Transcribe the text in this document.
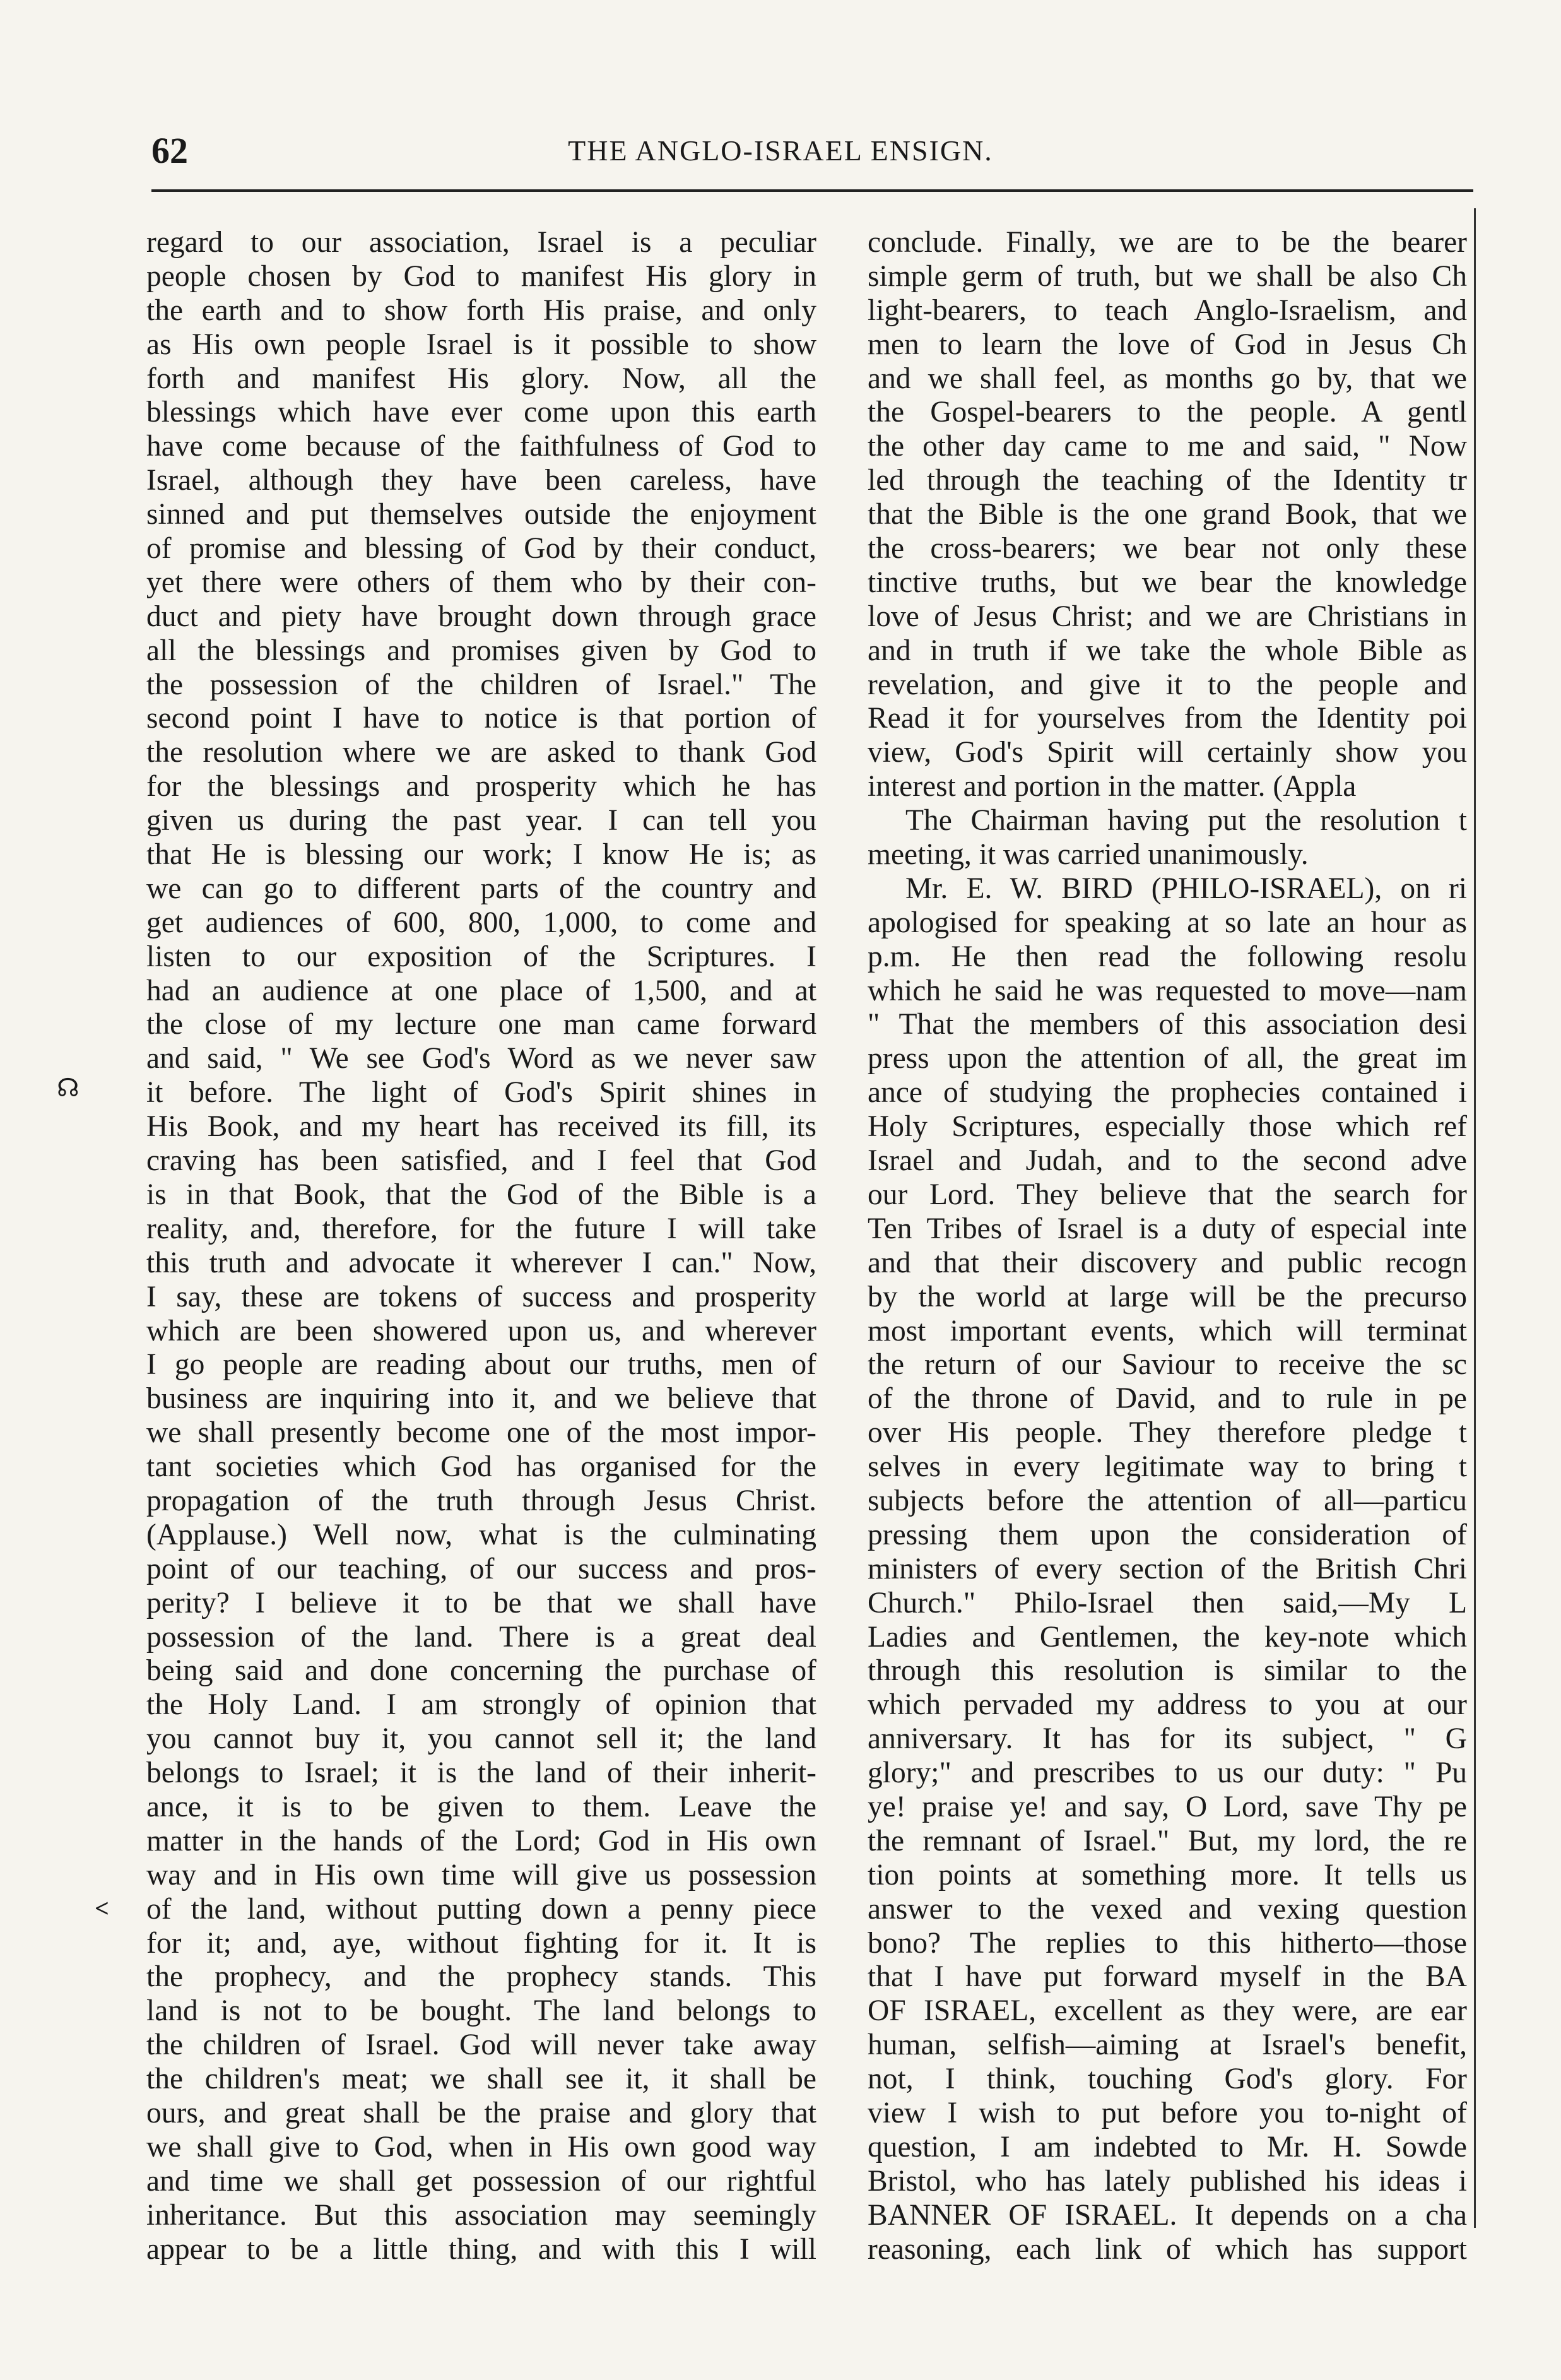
62	THE ANGLO-ISRAEL ENSIGN.
regard to our association, Israel is a peculiar
people chosen by God to manifest His glory in
the earth and to show forth His praise, and only
as His own people Israel is it possible to show
forth and manifest His glory. Now, all the
blessings which have ever come upon this earth
have come because of the faithfulness of God to
Israel, although they have been careless, have
sinned and put themselves outside the enjoyment
of promise and blessing of God by their conduct,
yet there were others of them who by their con-
duct and piety have brought down through grace
all the blessings and promises given by God to
the possession of the children of Israel." The
second point I have to notice is that portion of
the resolution where we are asked to thank God
for the blessings and prosperity which he has
given us during the past year. I can tell you
that He is blessing our work; I know He is; as
we can go to different parts of the country and
get audiences of 600, 800, 1,000, to come and
listen to our exposition of the Scriptures. I
had an audience at one place of 1,500, and at
the close of my lecture one man came forward
and said, " We see God's Word as we never saw
it before. The light of God's Spirit shines in
His Book, and my heart has received its fill, its
craving has been satisfied, and I feel that God
is in that Book, that the God of the Bible is a
reality, and, therefore, for the future I will take
this truth and advocate it wherever I can." Now,
I say, these are tokens of success and prosperity
which are been showered upon us, and wherever
I go people are reading about our truths, men of
business are inquiring into it, and we believe that
we shall presently become one of the most impor-
tant societies which God has organised for the
propagation of the truth through Jesus Christ.
(Applause.) Well now, what is the culminating
point of our teaching, of our success and pros-
perity? I believe it to be that we shall have
possession of the land. There is a great deal
being said and done concerning the purchase of
the Holy Land. I am strongly of opinion that
you cannot buy it, you cannot sell it; the land
belongs to Israel; it is the land of their inherit-
ance, it is to be given to them. Leave the
matter in the hands of the Lord; God in His own
way and in His own time will give us possession
of the land, without putting down a penny piece
for it; and, aye, without fighting for it. It is
the prophecy, and the prophecy stands. This
land is not to be bought. The land belongs to
the children of Israel. God will never take away
the children's meat; we shall see it, it shall be
ours, and great shall be the praise and glory that
we shall give to God, when in His own good way
and time we shall get possession of our rightful
inheritance. But this association may seemingly
appear to be a little thing, and with this I will
conclude. Finally, we are to be the bearer
simple germ of truth, but we shall be also Ch
light-bearers, to teach Anglo-Israelism, and
men to learn the love of God in Jesus Ch
and we shall feel, as months go by, that we
the Gospel-bearers to the people. A gentl
the other day came to me and said, " Now
led through the teaching of the Identity tr
that the Bible is the one grand Book, that we
the cross-bearers; we bear not only these
tinctive truths, but we bear the knowledge
love of Jesus Christ; and we are Christians in
and in truth if we take the whole Bible as
revelation, and give it to the people and
Read it for yourselves from the Identity poi
view, God's Spirit will certainly show you
interest and portion in the matter. (Appla
The Chairman having put the resolution t
meeting, it was carried unanimously.
Mr. E. W. BIRD (PHILO-ISRAEL), on ri
apologised for speaking at so late an hour as
p.m. He then read the following resolu
which he said he was requested to move—nam
" That the members of this association desi
press upon the attention of all, the great im
ance of studying the prophecies contained i
Holy Scriptures, especially those which ref
Israel and Judah, and to the second adve
our Lord. They believe that the search for
Ten Tribes of Israel is a duty of especial inte
and that their discovery and public recogn
by the world at large will be the precurso
most important events, which will terminat
the return of our Saviour to receive the sc
of the throne of David, and to rule in pe
over His people. They therefore pledge t
selves in every legitimate way to bring t
subjects before the attention of all—particu
pressing them upon the consideration of
ministers of every section of the British Chri
Church." Philo-Israel then said,—My L
Ladies and Gentlemen, the key-note which
through this resolution is similar to the
which pervaded my address to you at our
anniversary. It has for its subject, " G
glory;" and prescribes to us our duty: " Pu
ye! praise ye! and say, O Lord, save Thy pe
the remnant of Israel." But, my lord, the re
tion points at something more. It tells us
answer to the vexed and vexing question
bono? The replies to this hitherto—those
that I have put forward myself in the BA
OF ISRAEL, excellent as they were, are ear
human, selfish—aiming at Israel's benefit,
not, I think, touching God's glory. For
view I wish to put before you to-night of
question, I am indebted to Mr. H. Sowde
Bristol, who has lately published his ideas i
BANNER OF ISRAEL. It depends on a cha
reasoning, each link of which has support
☊
<
